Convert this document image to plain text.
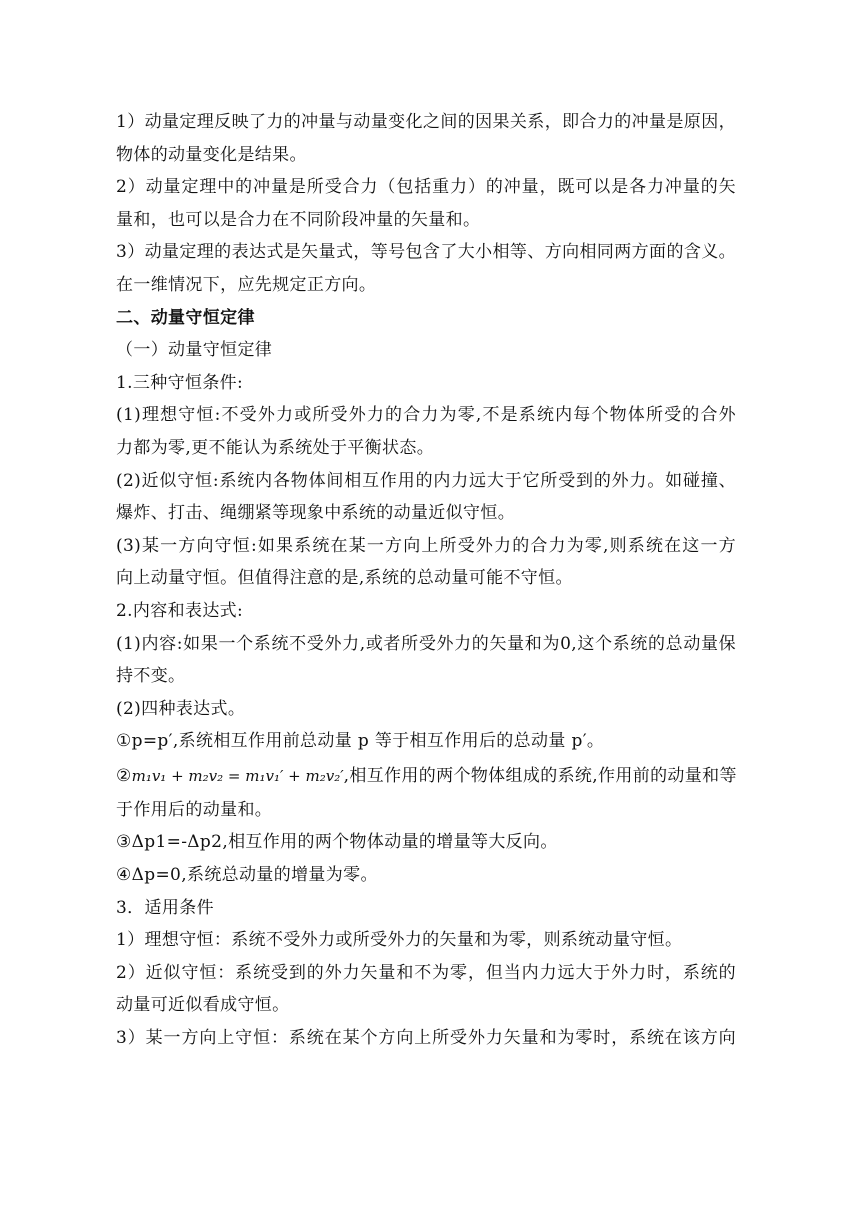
1）动量定理反映了力的冲量与动量变化之间的因果关系，即合力的冲量是原因，
物体的动量变化是结果。
2）动量定理中的冲量是所受合力（包括重力）的冲量，既可以是各力冲量的矢
量和，也可以是合力在不同阶段冲量的矢量和。
3）动量定理的表达式是矢量式，等号包含了大小相等、方向相同两方面的含义。
在一维情况下，应先规定正方向。
二、动量守恒定律
（一）动量守恒定律
1.三种守恒条件:
(1)理想守恒:不受外力或所受外力的合力为零,不是系统内每个物体所受的合外
力都为零,更不能认为系统处于平衡状态。
(2)近似守恒:系统内各物体间相互作用的内力远大于它所受到的外力。如碰撞、
爆炸、打击、绳绷紧等现象中系统的动量近似守恒。
(3)某一方向守恒:如果系统在某一方向上所受外力的合力为零,则系统在这一方
向上动量守恒。但值得注意的是,系统的总动量可能不守恒。
2.内容和表达式:
(1)内容:如果一个系统不受外力,或者所受外力的矢量和为0,这个系统的总动量保
持不变。
(2)四种表达式。
①p=p′,系统相互作用前总动量 p 等于相互作用后的总动量 p′。
②m₁v₁ + m₂v₂ = m₁v₁′ + m₂v₂′,相互作用的两个物体组成的系统,作用前的动量和等
于作用后的动量和。
③Δp1=-Δp2,相互作用的两个物体动量的增量等大反向。
④Δp=0,系统总动量的增量为零。
3．适用条件
1）理想守恒：系统不受外力或所受外力的矢量和为零，则系统动量守恒。
2）近似守恒：系统受到的外力矢量和不为零，但当内力远大于外力时，系统的
动量可近似看成守恒。
3）某一方向上守恒：系统在某个方向上所受外力矢量和为零时，系统在该方向
